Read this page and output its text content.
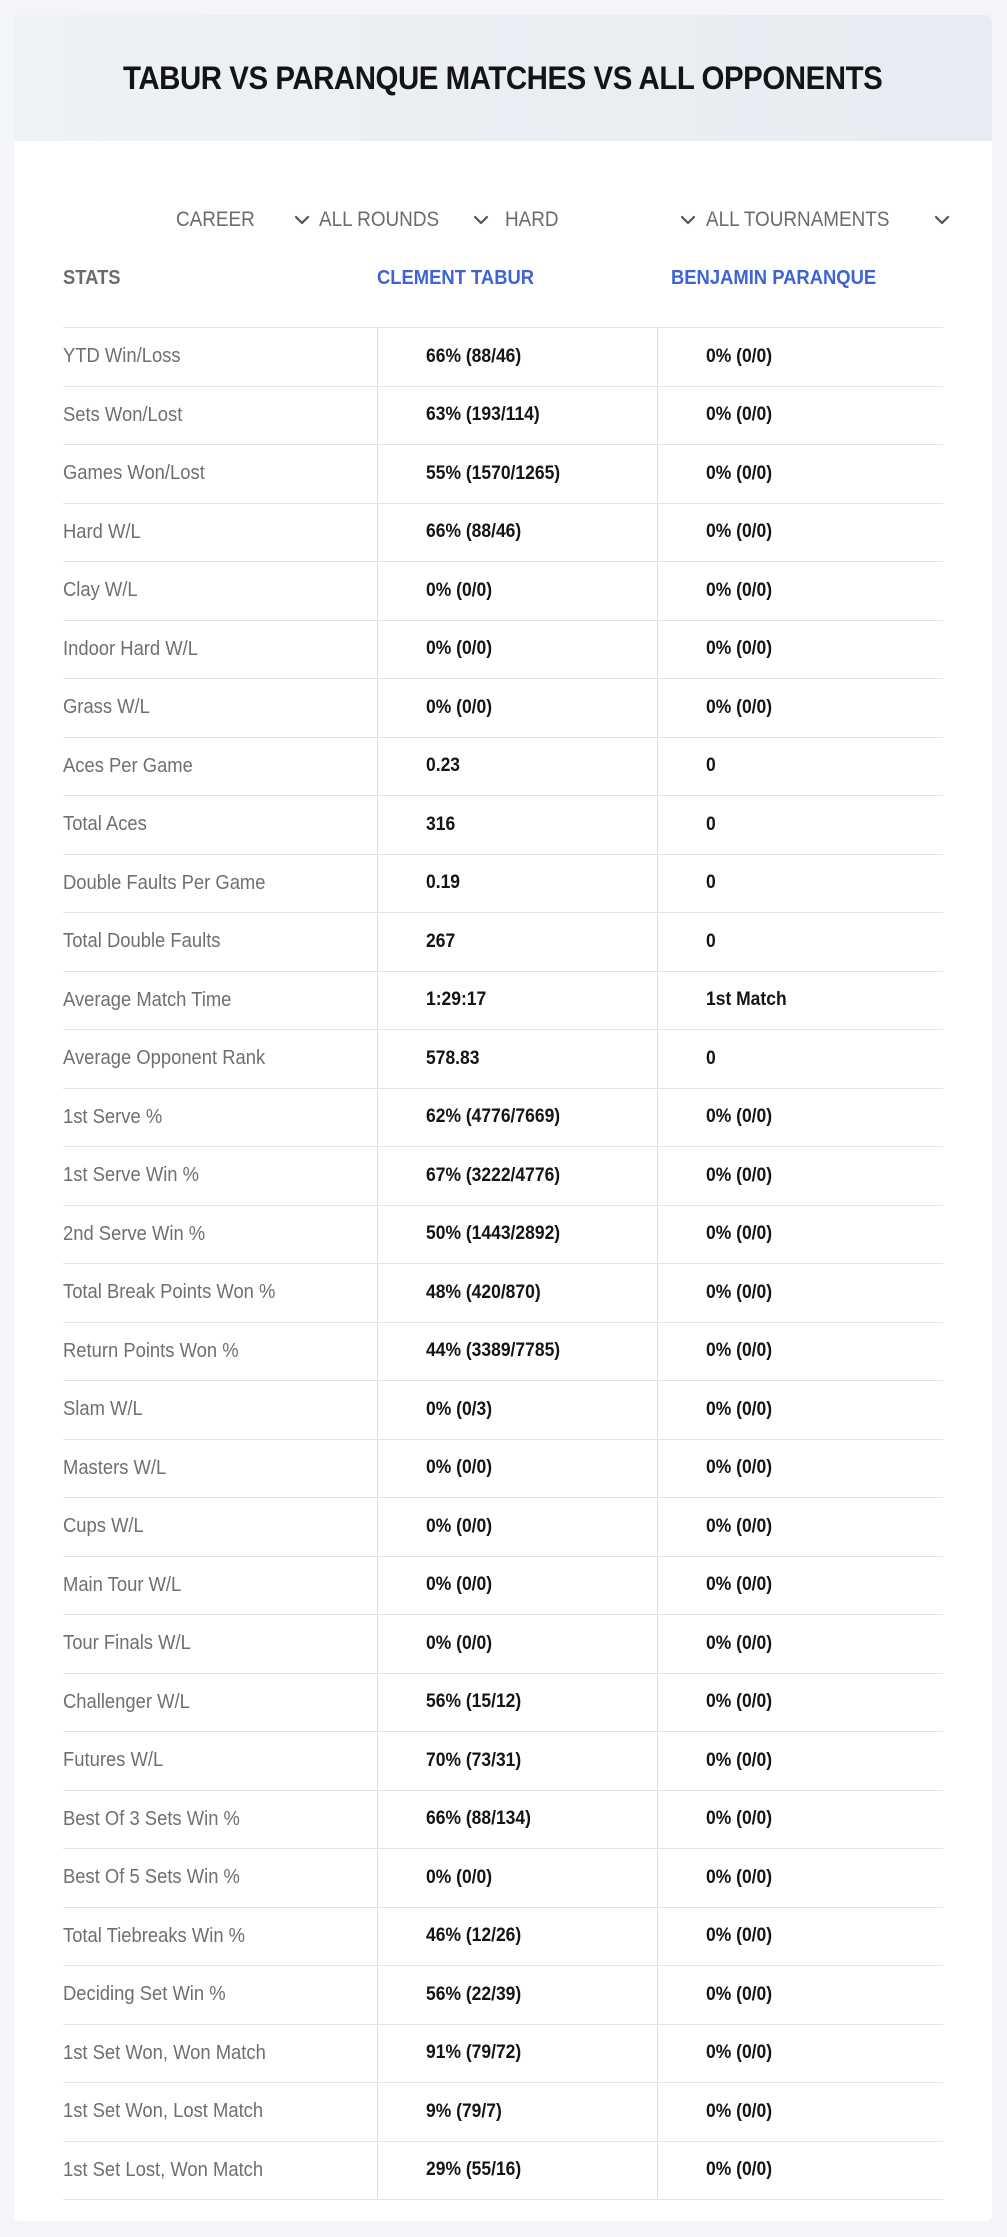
TABUR VS PARANQUE MATCHES VS ALL OPPONENTS
CAREER	ALL ROUNDS	HARD	ALL TOURNAMENTS
STATS	CLEMENT TABUR	BENJAMIN PARANQUE
YTD Win/Loss	66% (88/46)	0% (0/0)
Sets Won/Lost	63% (193/114)	0% (0/0)
Games Won/Lost	55% (1570/1265)	0% (0/0)
Hard W/L	66% (88/46)	0% (0/0)
Clay W/L	0% (0/0)	0% (0/0)
Indoor Hard W/L	0% (0/0)	0% (0/0)
Grass W/L	0% (0/0)	0% (0/0)
Aces Per Game	0.23	0
Total Aces	316	0
Double Faults Per Game	0.19	0
Total Double Faults	267	0
Average Match Time	1:29:17	1st Match
Average Opponent Rank	578.83	0
1st Serve %	62% (4776/7669)	0% (0/0)
1st Serve Win %	67% (3222/4776)	0% (0/0)
2nd Serve Win %	50% (1443/2892)	0% (0/0)
Total Break Points Won %	48% (420/870)	0% (0/0)
Return Points Won %	44% (3389/7785)	0% (0/0)
Slam W/L	0% (0/3)	0% (0/0)
Masters W/L	0% (0/0)	0% (0/0)
Cups W/L	0% (0/0)	0% (0/0)
Main Tour W/L	0% (0/0)	0% (0/0)
Tour Finals W/L	0% (0/0)	0% (0/0)
Challenger W/L	56% (15/12)	0% (0/0)
Futures W/L	70% (73/31)	0% (0/0)
Best Of 3 Sets Win %	66% (88/134)	0% (0/0)
Best Of 5 Sets Win %	0% (0/0)	0% (0/0)
Total Tiebreaks Win %	46% (12/26)	0% (0/0)
Deciding Set Win %	56% (22/39)	0% (0/0)
1st Set Won, Won Match	91% (79/72)	0% (0/0)
1st Set Won, Lost Match	9% (79/7)	0% (0/0)
1st Set Lost, Won Match	29% (55/16)	0% (0/0)
